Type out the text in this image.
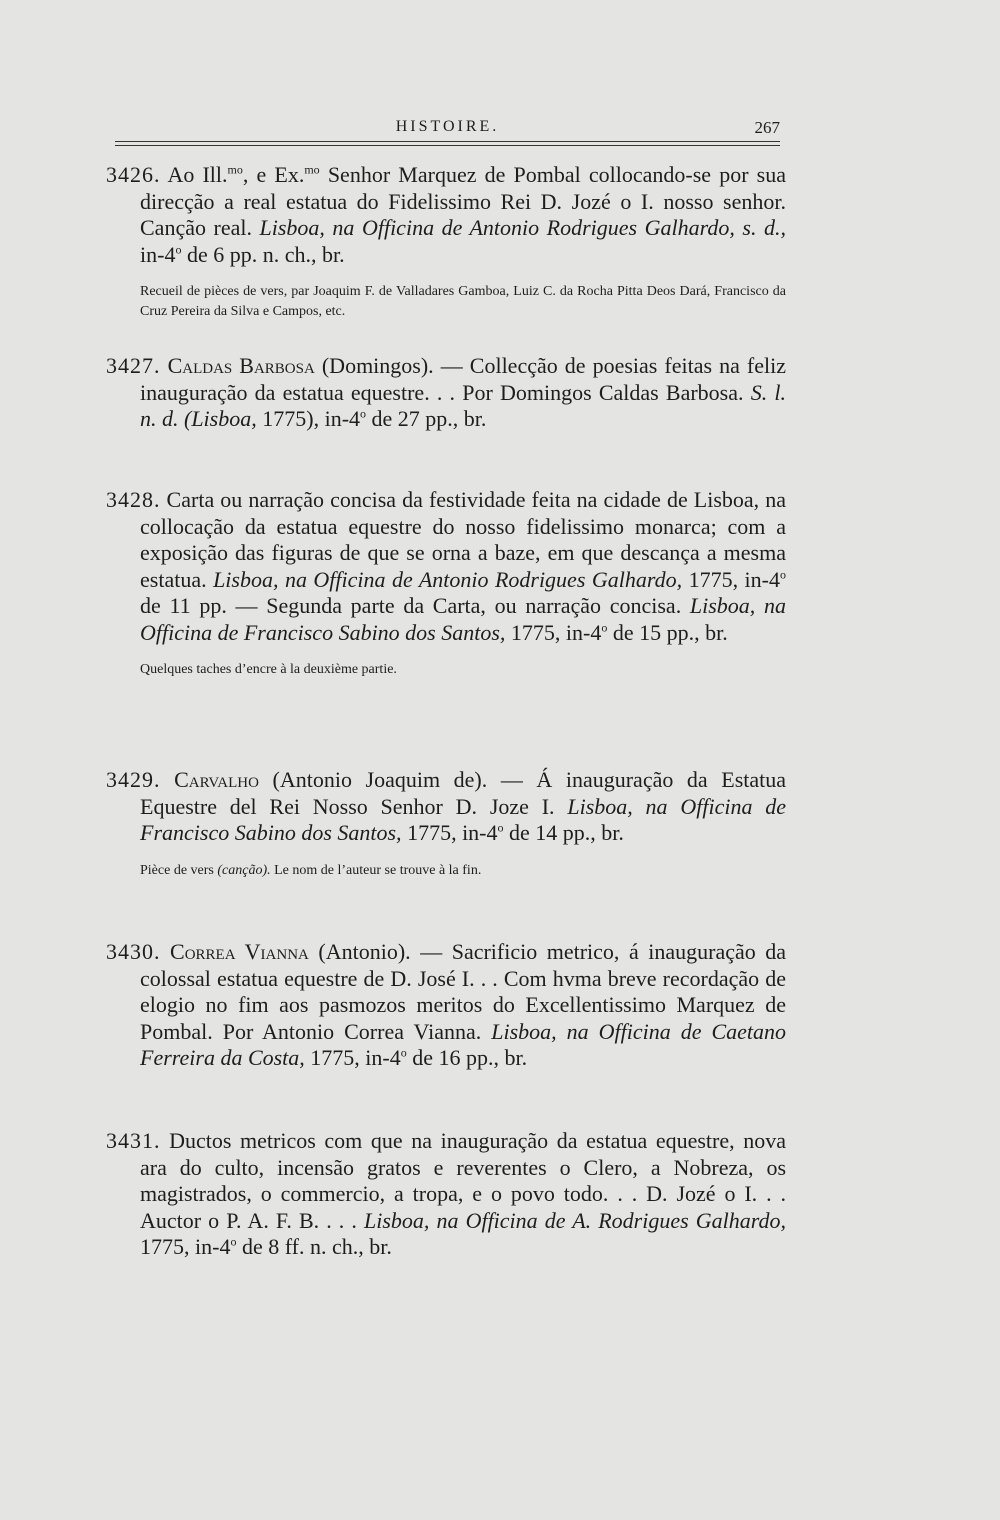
HISTOIRE.	267

3426. Ao Ill.$^{mo}$, e Ex.$^{mo}$ Senhor Marquez de Pombal collocando-se por sua direcção a real estatua do Fidelissimo Rei D. Jozé o I. nosso senhor. Canção real. Lisboa, na Officina de Antonio Rodrigues Galhardo, s. d., in-4$^o$ de 6 pp. n. ch., br.

Recueil de pièces de vers, par Joaquim F. de Valladares Gamboa, Luiz C. da Rocha Pitta Deos Dará, Francisco da Cruz Pereira da Silva e Campos, etc.

3427. Caldas Barbosa (Domingos). — Collecção de poesias feitas na feliz inauguração da estatua equestre. . . Por Domingos Caldas Barbosa. S. l. n. d. (Lisboa, 1775), in-4$^o$ de 27 pp., br.

3428. Carta ou narração concisa da festividade feita na cidade de Lisboa, na collocação da estatua equestre do nosso fidelissimo monarca; com a exposição das figuras de que se orna a baze, em que descança a mesma estatua. Lisboa, na Officina de Antonio Rodrigues Galhardo, 1775, in-4$^o$ de 11 pp. — Segunda parte da Carta, ou narração concisa. Lisboa, na Officina de Francisco Sabino dos Santos, 1775, in-4$^o$ de 15 pp., br.

Quelques taches d’encre à la deuxième partie.

3429. Carvalho (Antonio Joaquim de). — Á inauguração da Estatua Equestre del Rei Nosso Senhor D. Joze I. Lisboa, na Officina de Francisco Sabino dos Santos, 1775, in-4$^o$ de 14 pp., br.

Pièce de vers (canção). Le nom de l’auteur se trouve à la fin.

3430. Correa Vianna (Antonio). — Sacrificio metrico, á inauguração da colossal estatua equestre de D. José I. . . Com hvma breve recordação de elogio no fim aos pasmozos meritos do Excellentissimo Marquez de Pombal. Por Antonio Correa Vianna. Lisboa, na Officina de Caetano Ferreira da Costa, 1775, in-4$^o$ de 16 pp., br.

3431. Ductos metricos com que na inauguração da estatua equestre, nova ara do culto, incensão gratos e reverentes o Clero, a Nobreza, os magistrados, o commercio, a tropa, e o povo todo. . . D. Jozé o I. . . Auctor o P. A. F. B. . . . Lisboa, na Officina de A. Rodrigues Galhardo, 1775, in-4$^o$ de 8 ff. n. ch., br.
